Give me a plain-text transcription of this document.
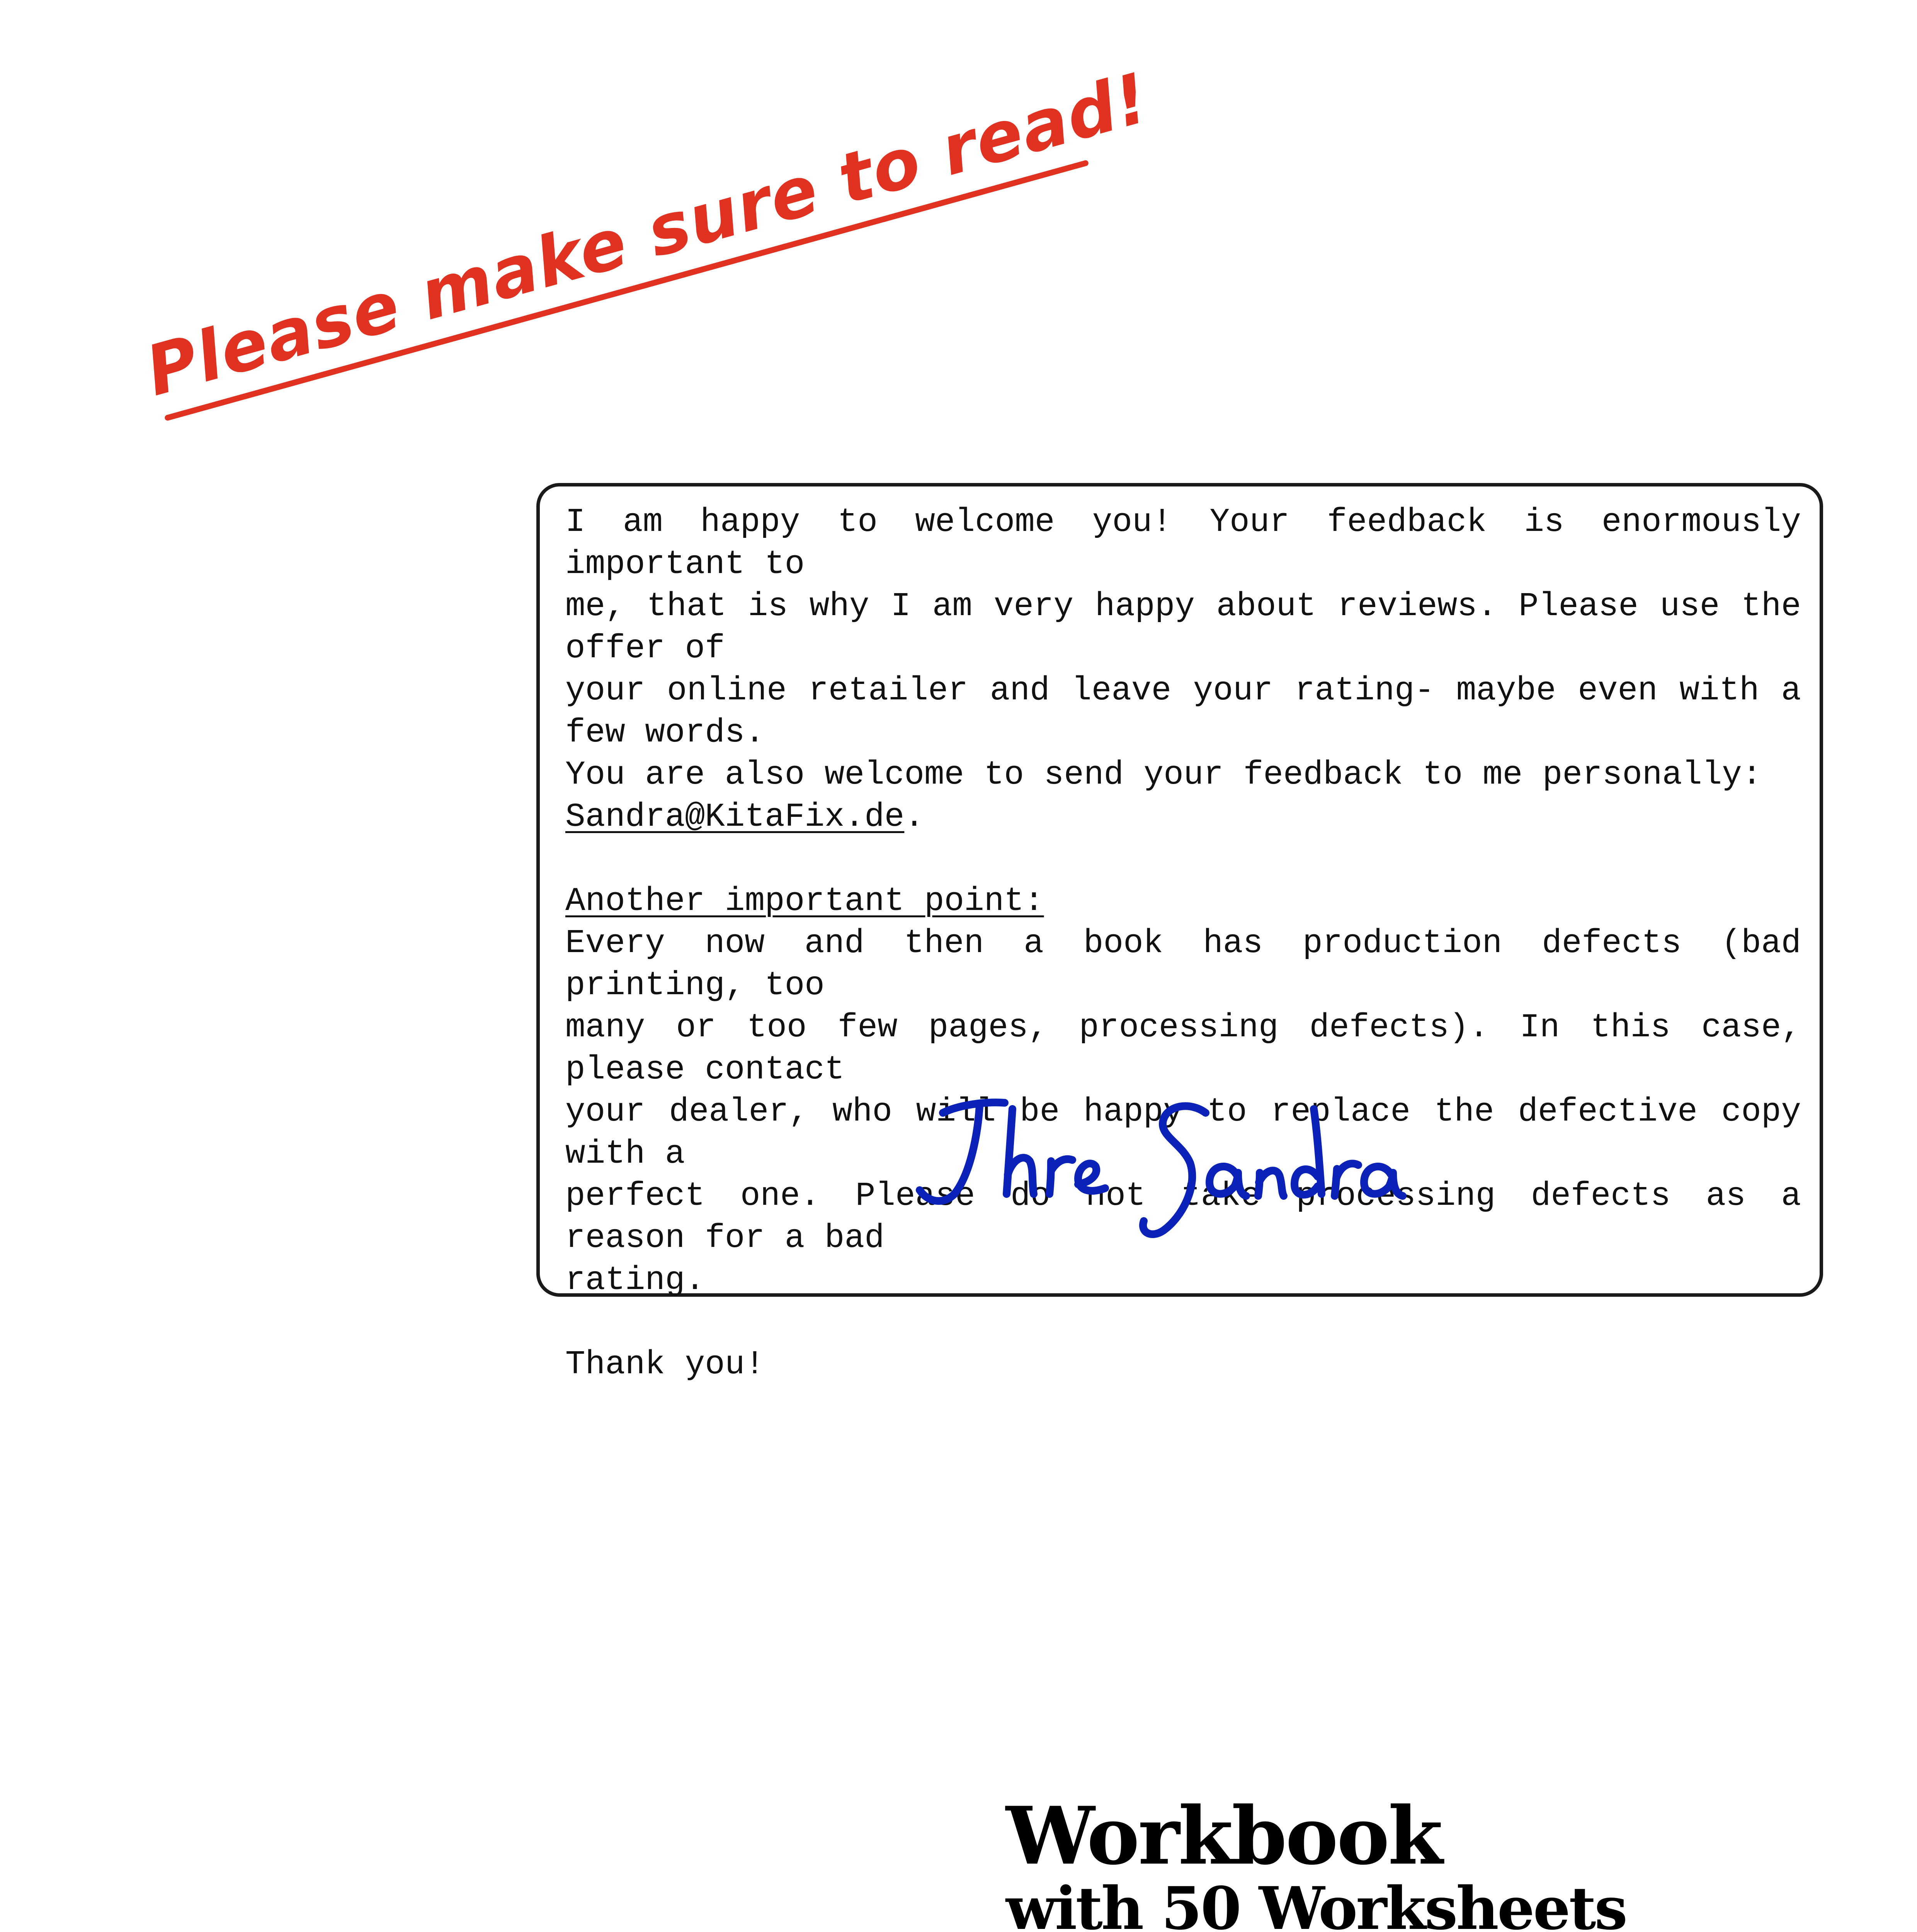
Please make sure to read!

I am happy to welcome you! Your feedback is enormously important to

me, that is why I am very happy about reviews. Please use the offer of

your online retailer and leave your rating- maybe even with a few words.

You are also welcome to send your feedback to me personally:

Sandra@KitaFix.de.

Another important point:

Every now and then a book has production defects (bad printing, too

many or too few pages, processing defects). In this case, please contact

your dealer, who will be happy to replace the defective copy with a

perfect one. Please do not take processing defects as a reason for a bad

rating.

Thank you!

Workbook
with 50 Worksheets
